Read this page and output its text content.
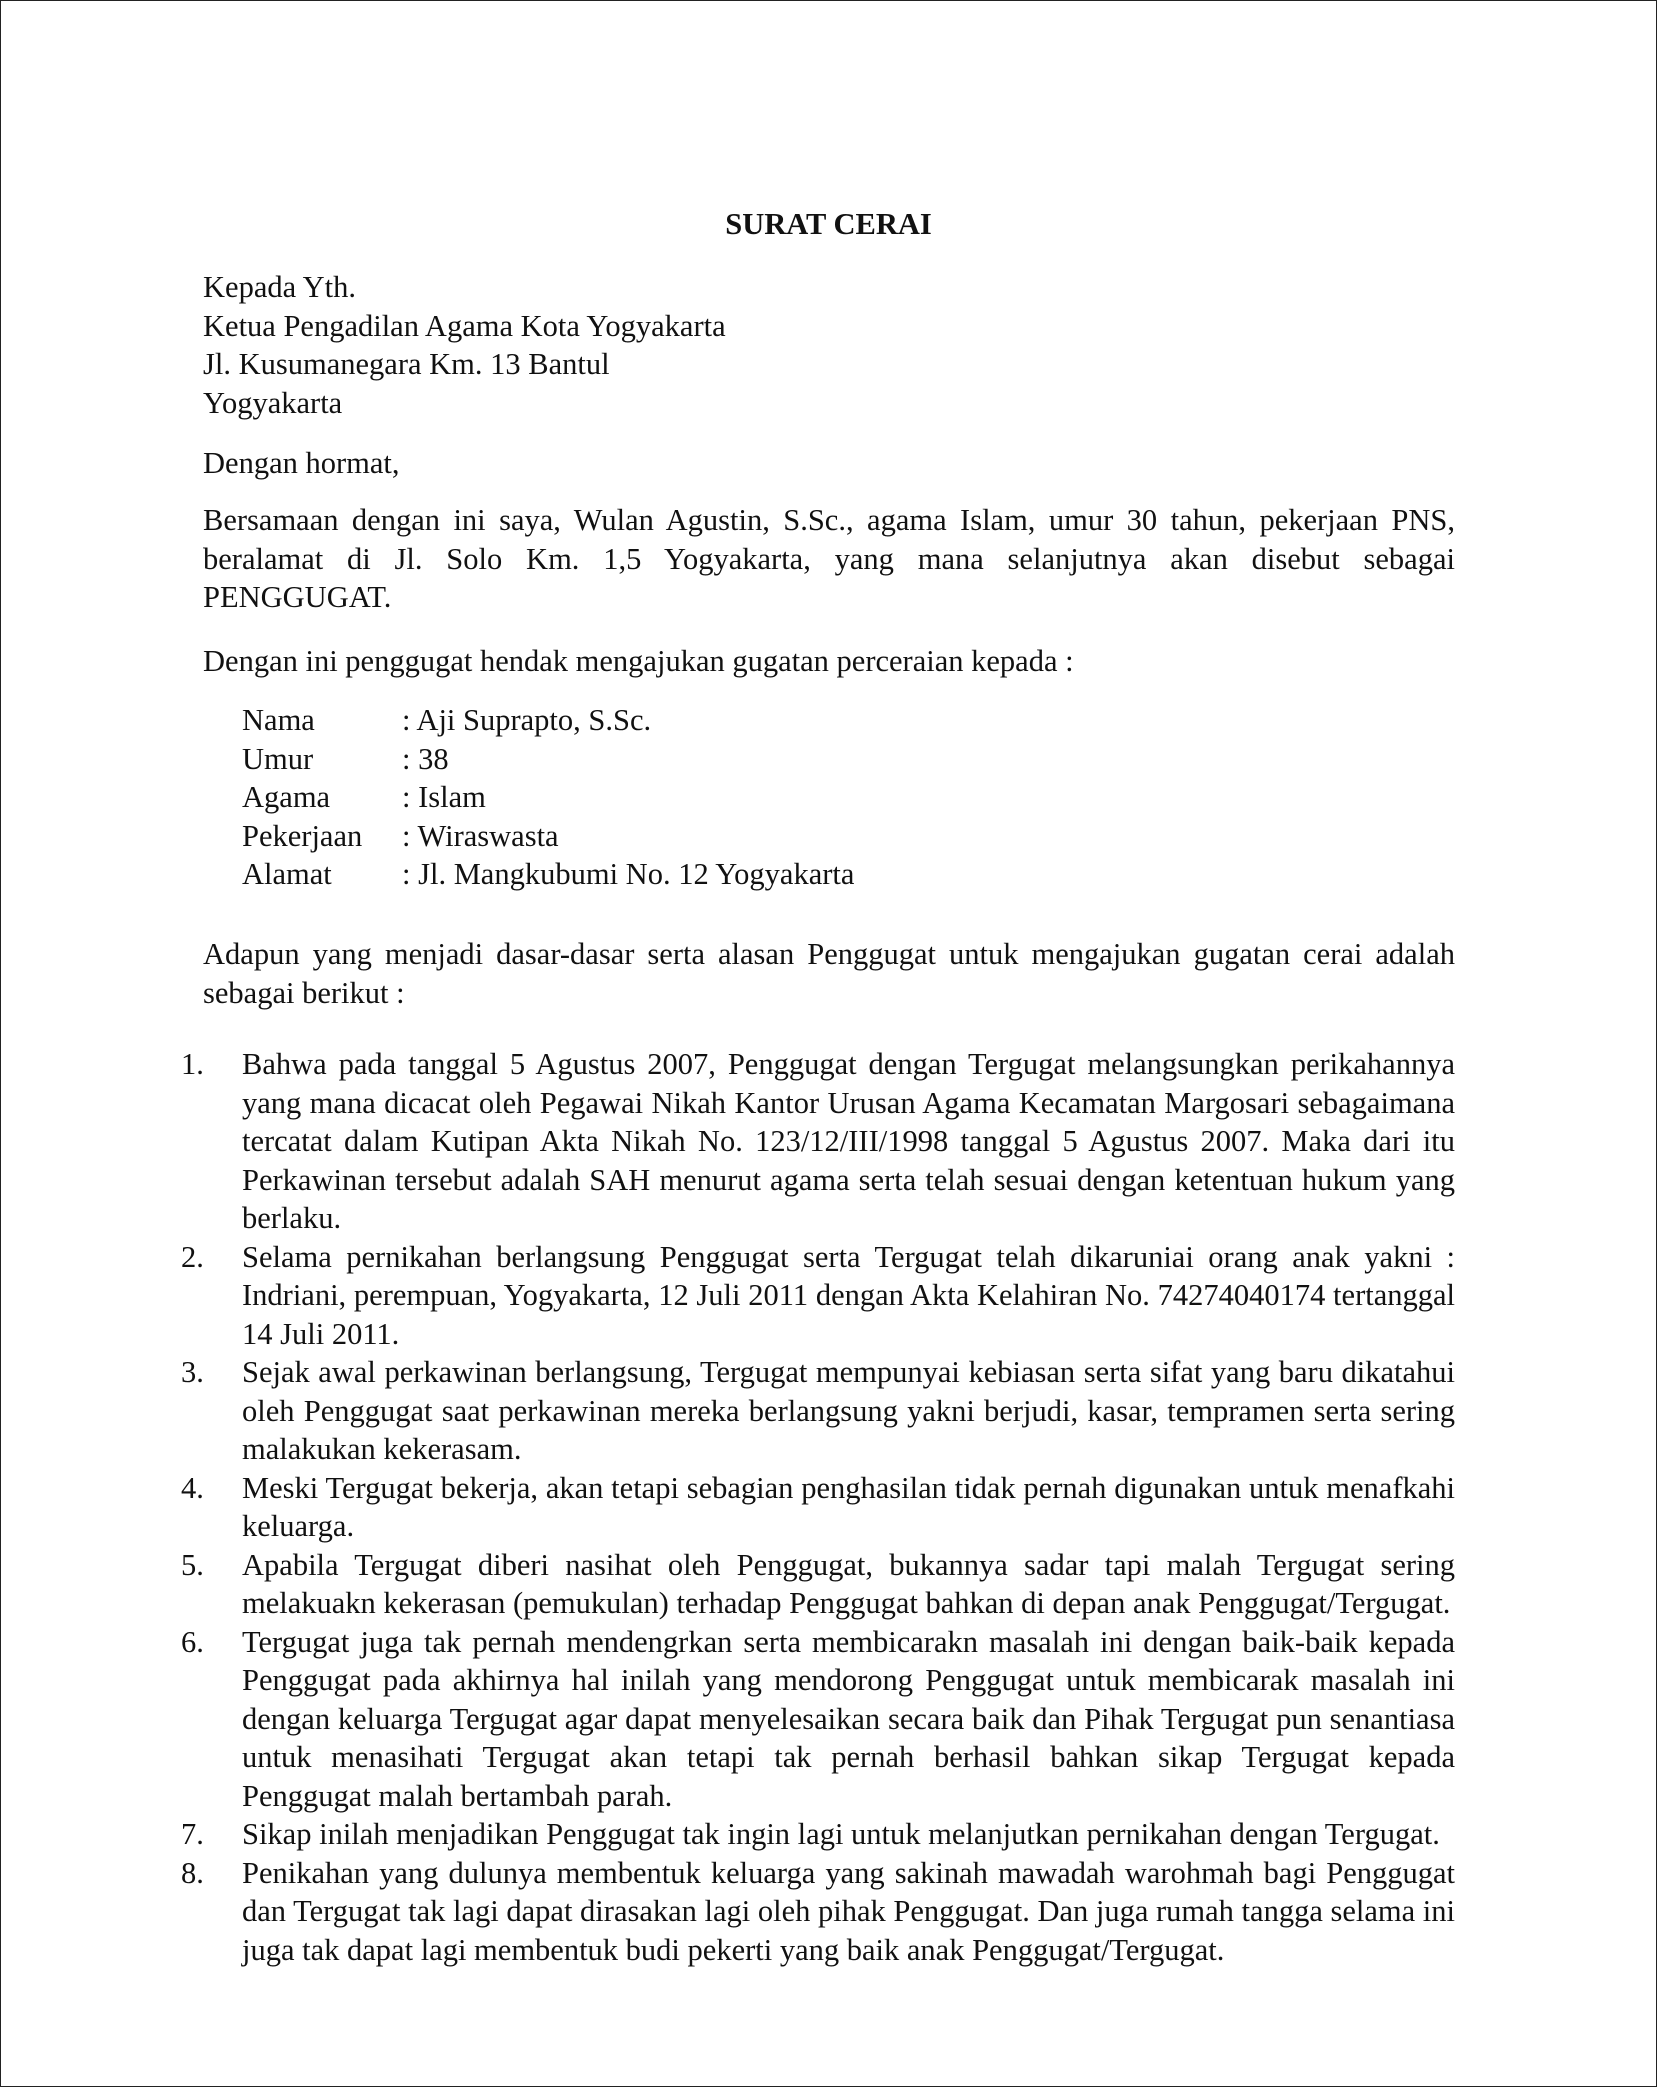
SURAT CERAI
Kepada Yth.
Ketua Pengadilan Agama Kota Yogyakarta
Jl. Kusumanegara Km. 13 Bantul
Yogyakarta
Dengan hormat,
Bersamaan dengan ini saya, Wulan Agustin, S.Sc., agama Islam, umur 30 tahun, pekerjaan PNS, beralamat di Jl. Solo Km. 1,5 Yogyakarta, yang mana selanjutnya akan disebut sebagai PENGGUGAT.
Dengan ini penggugat hendak mengajukan gugatan perceraian kepada :
Nama	: Aji Suprapto, S.Sc.
Umur	: 38
Agama	: Islam
Pekerjaan	: Wiraswasta
Alamat	: Jl. Mangkubumi No. 12 Yogyakarta
Adapun yang menjadi dasar-dasar serta alasan Penggugat untuk mengajukan gugatan cerai adalah sebagai berikut :
1.	Bahwa pada tanggal 5 Agustus 2007, Penggugat dengan Tergugat melangsungkan perikahannya yang mana dicacat oleh Pegawai Nikah Kantor Urusan Agama Kecamatan Margosari sebagaimana tercatat dalam Kutipan Akta Nikah No. 123/12/III/1998 tanggal 5 Agustus 2007. Maka dari itu Perkawinan tersebut adalah SAH menurut agama serta telah sesuai dengan ketentuan hukum yang berlaku.
2.	Selama pernikahan berlangsung Penggugat serta Tergugat telah dikaruniai orang anak yakni : Indriani, perempuan, Yogyakarta, 12 Juli 2011 dengan Akta Kelahiran No. 74274040174 tertanggal 14 Juli 2011.
3.	Sejak awal perkawinan berlangsung, Tergugat mempunyai kebiasan serta sifat yang baru dikatahui oleh Penggugat saat perkawinan mereka berlangsung yakni berjudi, kasar, tempramen serta sering malakukan kekerasam.
4.	Meski Tergugat bekerja, akan tetapi sebagian penghasilan tidak pernah digunakan untuk menafkahi keluarga.
5.	Apabila Tergugat diberi nasihat oleh Penggugat, bukannya sadar tapi malah Tergugat sering melakuakn kekerasan (pemukulan) terhadap Penggugat bahkan di depan anak Penggugat/Tergugat.
6.	Tergugat juga tak pernah mendengrkan serta membicarakn masalah ini dengan baik-baik kepada Penggugat pada akhirnya hal inilah yang mendorong Penggugat untuk membicarak masalah ini dengan keluarga Tergugat agar dapat menyelesaikan secara baik dan Pihak Tergugat pun senantiasa untuk menasihati Tergugat akan tetapi tak pernah berhasil bahkan sikap Tergugat kepada Penggugat malah bertambah parah.
7.	Sikap inilah menjadikan Penggugat tak ingin lagi untuk melanjutkan pernikahan dengan Tergugat.
8.	Penikahan yang dulunya membentuk keluarga yang sakinah mawadah warohmah bagi Penggugat dan Tergugat tak lagi dapat dirasakan lagi oleh pihak Penggugat. Dan juga rumah tangga selama ini juga tak dapat lagi membentuk budi pekerti yang baik anak Penggugat/Tergugat.
